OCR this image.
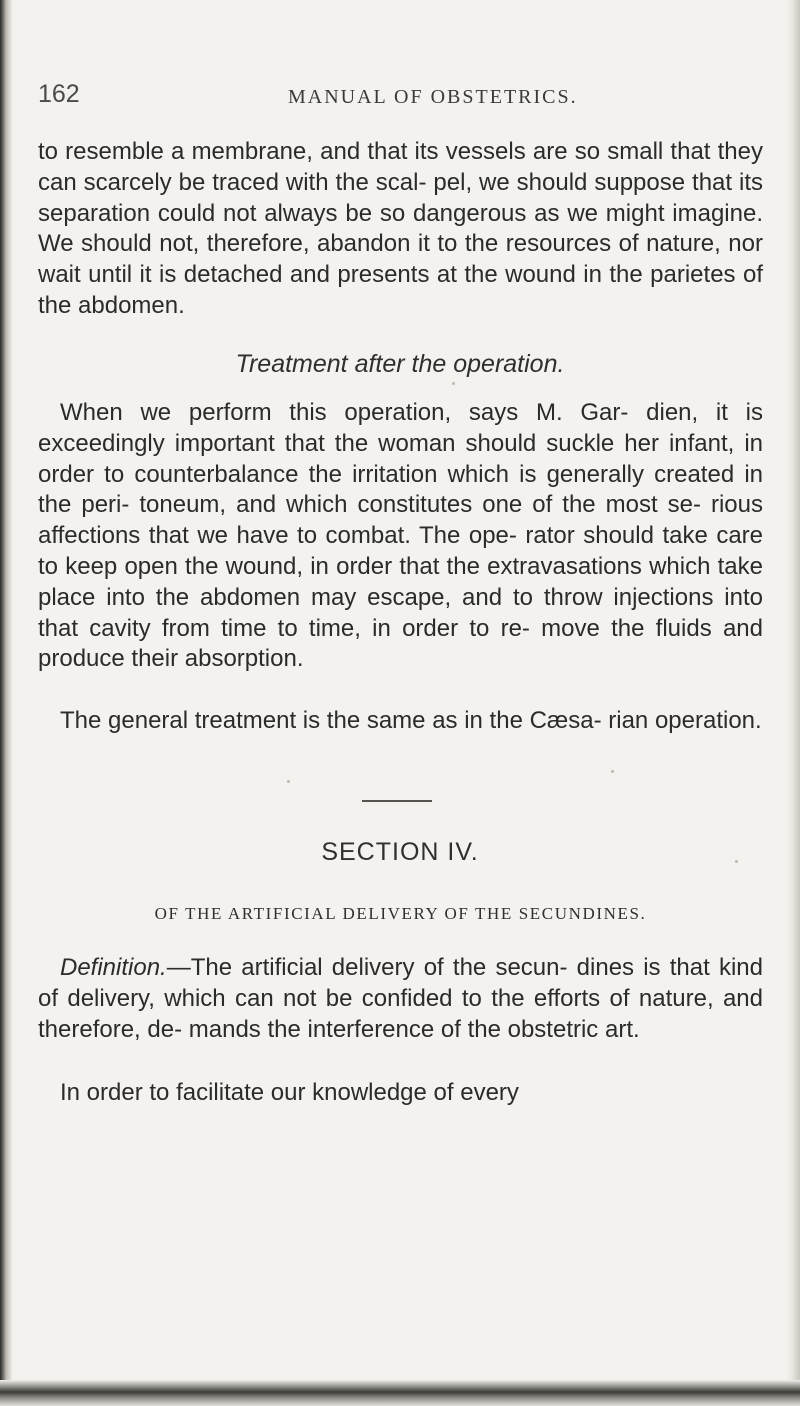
162	MANUAL OF OBSTETRICS.

to resemble a membrane, and that its vessels are so small that they can scarcely be traced with the scal- pel, we should suppose that its separation could not always be so dangerous as we might imagine. We should not, therefore, abandon it to the resources of nature, nor wait until it is detached and presents at the wound in the parietes of the abdomen.

Treatment after the operation.

When we perform this operation, says M. Gar- dien, it is exceedingly important that the woman should suckle her infant, in order to counterbalance the irritation which is generally created in the peri- toneum, and which constitutes one of the most se- rious affections that we have to combat. The ope- rator should take care to keep open the wound, in order that the extravasations which take place into the abdomen may escape, and to throw injections into that cavity from time to time, in order to re- move the fluids and produce their absorption.

The general treatment is the same as in the Cæsa- rian operation.

SECTION IV.
OF THE ARTIFICIAL DELIVERY OF THE SECUNDINES.

Definition.—The artificial delivery of the secun- dines is that kind of delivery, which can not be confided to the efforts of nature, and therefore, de- mands the interference of the obstetric art.

In order to facilitate our knowledge of every
